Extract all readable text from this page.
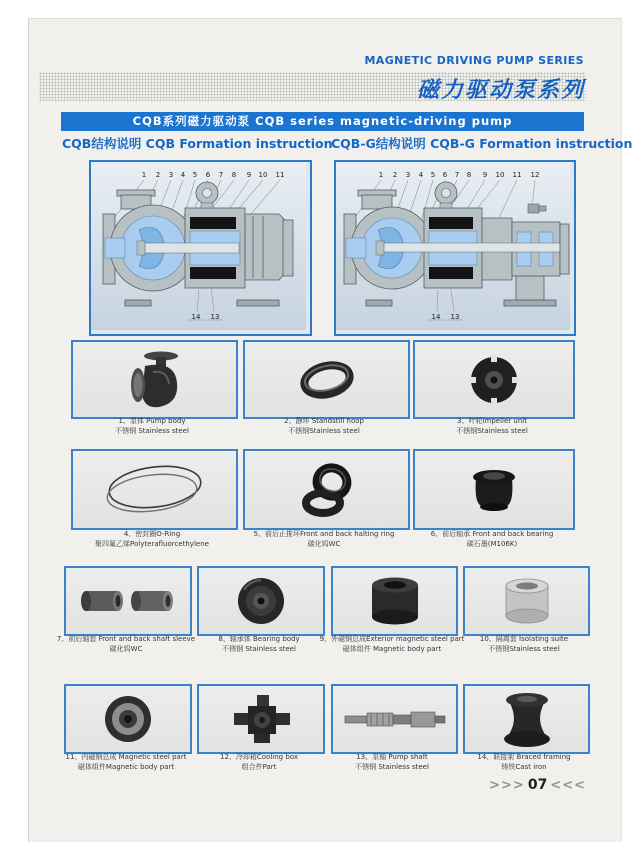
MAGNETIC DRIVING PUMP SERIES
磁力驱动泵系列
CQB系列磁力驱动泵 CQB series magnetic-driving pump
CQB结构说明 CQB Formation instruction
CQB-G结构说明 CQB-G Formation instruction
1 2 3 4 5 6 7 8 9 10 11
14 13
1 2 3 4 5 6 7 8 9 10 11 12
14 13
1、泵体 Pump body
不锈钢 Stainless steel
2、静环 Standstill hoop
不锈钢Stainless steel
3、叶轮Impeller unit
不锈钢Stainless steel
4、密封圈O-Ring
聚四氟乙烯Polyterafluorcethylene
5、前后止推环Front and back halting ring
碳化钨WC
6、前后轴承 Front and back bearing
碳石墨(M106K)
7、前后轴套 Front and back shaft sleeve
碳化钨WC
8、轴承体 Bearing body
不锈钢 Stainless steel
9、外磁钢总成Exterior magnetic steel part
磁体组件 Magnetic body part
10、隔离套 Isolating suite
不锈钢Stainless steel
11、内磁钢总成 Magnetic steel part
磁体组件Magnetic body part
12、冷却箱Cooling box
组合件Part
13、泵轴 Pump shaft
不锈钢 Stainless steel
14、联接架 Braced framing
铸铁Cast iron
>>> 07 <<<
